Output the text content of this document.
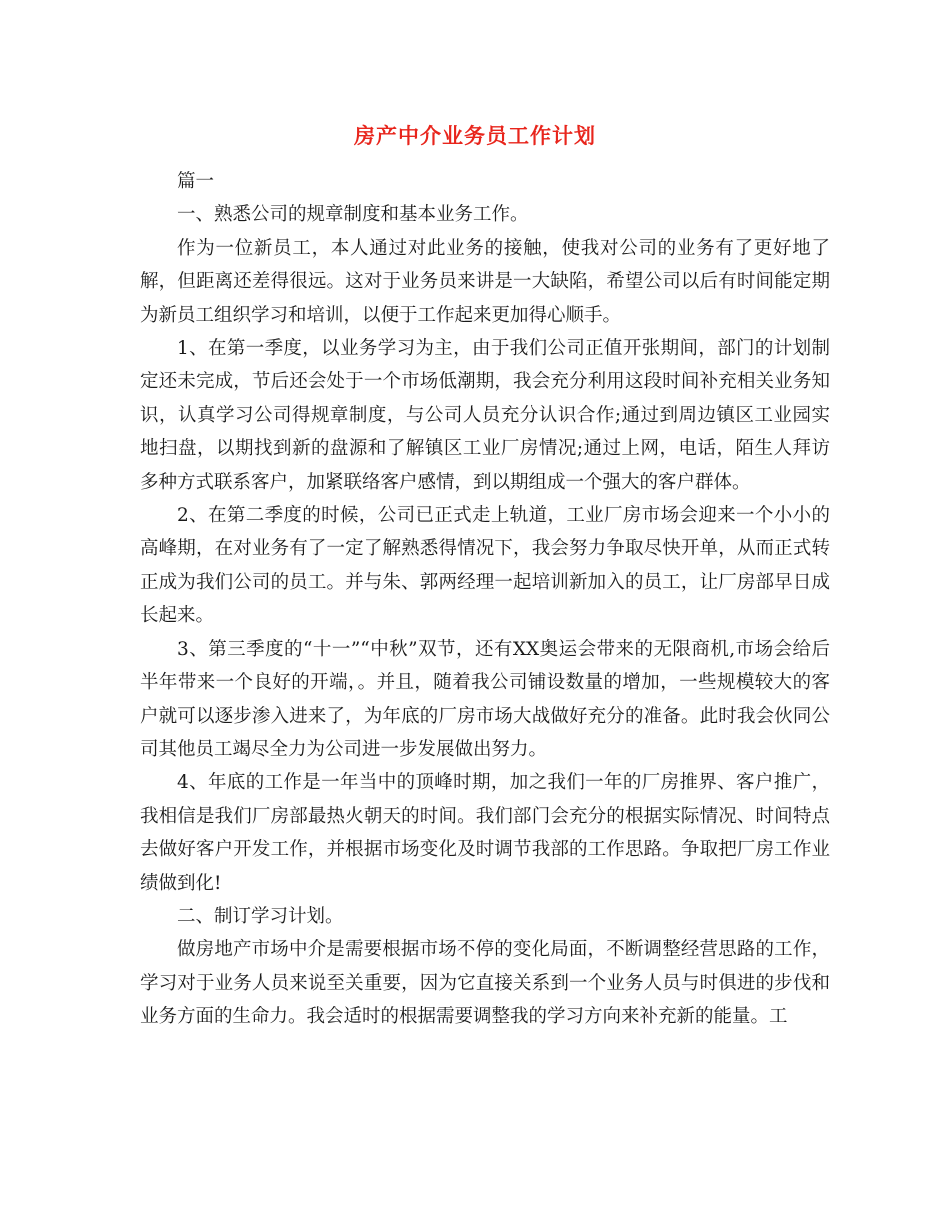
房产中介业务员工作计划

篇一

一、熟悉公司的规章制度和基本业务工作。

作为一位新员工，本人通过对此业务的接触，使我对公司的业务有了更好地了解，但距离还差得很远。这对于业务员来讲是一大缺陷，希望公司以后有时间能定期为新员工组织学习和培训，以便于工作起来更加得心顺手。

1、在第一季度，以业务学习为主，由于我们公司正值开张期间，部门的计划制定还未完成，节后还会处于一个市场低潮期，我会充分利用这段时间补充相关业务知识，认真学习公司得规章制度，与公司人员充分认识合作;通过到周边镇区工业园实地扫盘，以期找到新的盘源和了解镇区工业厂房情况;通过上网，电话，陌生人拜访多种方式联系客户，加紧联络客户感情，到以期组成一个强大的客户群体。

2、在第二季度的时候，公司已正式走上轨道，工业厂房市场会迎来一个小小的高峰期，在对业务有了一定了解熟悉得情况下，我会努力争取尽快开单，从而正式转正成为我们公司的员工。并与朱、郭两经理一起培训新加入的员工，让厂房部早日成长起来。

3、第三季度的“十一”“中秋”双节，还有XX奥运会带来的无限商机,市场会给后半年带来一个良好的开端，。并且，随着我公司铺设数量的增加，一些规模较大的客户就可以逐步渗入进来了，为年底的厂房市场大战做好充分的准备。此时我会伙同公司其他员工竭尽全力为公司进一步发展做出努力。

4、年底的工作是一年当中的顶峰时期，加之我们一年的厂房推界、客户推广，我相信是我们厂房部最热火朝天的时间。我们部门会充分的根据实际情况、时间特点去做好客户开发工作，并根据市场变化及时调节我部的工作思路。争取把厂房工作业绩做到化!

二、制订学习计划。

做房地产市场中介是需要根据市场不停的变化局面，不断调整经营思路的工作，学习对于业务人员来说至关重要，因为它直接关系到一个业务人员与时俱进的步伐和业务方面的生命力。我会适时的根据需要调整我的学习方向来补充新的能量。工
